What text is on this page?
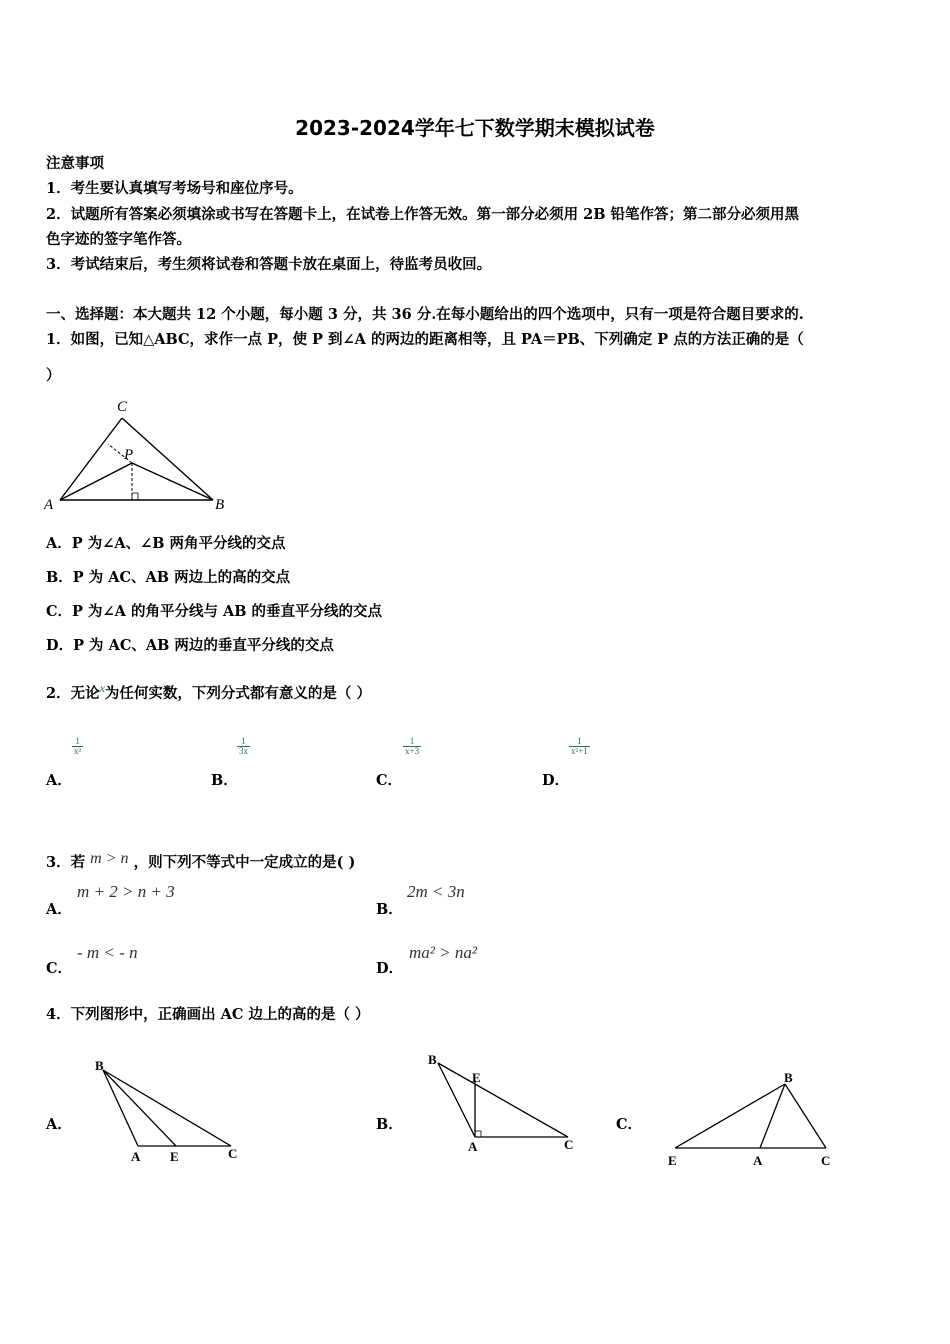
2023-2024学年七下数学期末模拟试卷
注意事项
1．考生要认真填写考场号和座位序号。
2．试题所有答案必须填涂或书写在答题卡上，在试卷上作答无效。第一部分必须用 2B 铅笔作答；第二部分必须用黑
色字迹的签字笔作答。
3．考试结束后，考生须将试卷和答题卡放在桌面上，待监考员收回。
一、选择题：本大题共 12 个小题，每小题 3 分，共 36 分.在每小题给出的四个选项中，只有一项是符合题目要求的.
1．如图，已知△ABC，求作一点 P，使 P 到∠A 的两边的距离相等，且 PA＝PB、下列确定 P 点的方法正确的是（
）
A	B
C
P
A．P 为∠A、∠B 两角平分线的交点
B．P 为 AC、AB 两边上的高的交点
C．P 为∠A 的角平分线与 AB 的垂直平分线的交点
D．P 为 AC、AB 两边的垂直平分线的交点
2．无论$^x$为任何实数，下列分式都有意义的是（ ）
A．
$\frac{1}{\text{x²}}$
B．
$\frac{1}{3x}$
C．
$\frac{1}{x+3}$
D．
$\frac{1}{\text{x²+1}}$
3．若 m > n ，则下列不等式中一定成立的是( )
A．
m + 2 > n + 3
B．
2m < 3n
C．
- m < - n
D．
ma² > na²
4．下列图形中，正确画出 AC 边上的高的是（ ）
A．
B
A E	C
B．
B
E
A	C
C．
B
E	A	C
